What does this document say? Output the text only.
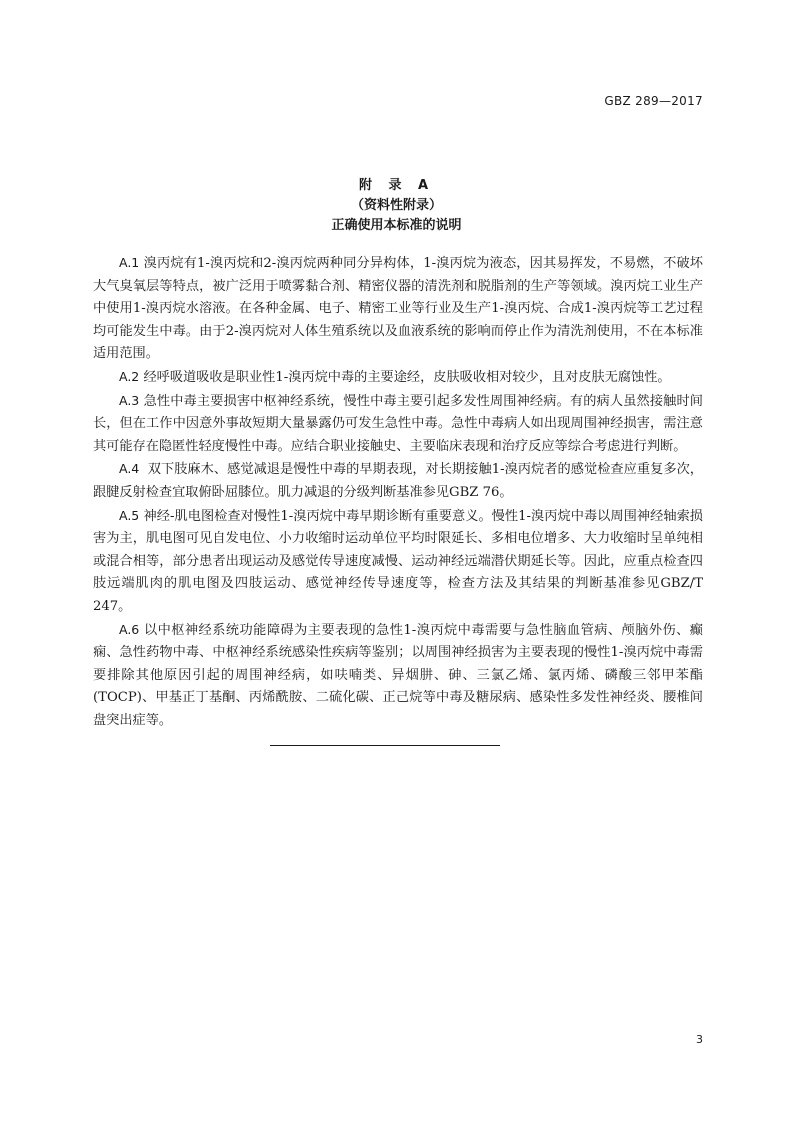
GBZ 289—2017
附 录 A
（资料性附录）
正确使用本标准的说明

A.1 溴丙烷有1-溴丙烷和2-溴丙烷两种同分异构体，1-溴丙烷为液态，因其易挥发，不易燃，不破坏大气臭氧层等特点，被广泛用于喷雾黏合剂、精密仪器的清洗剂和脱脂剂的生产等领域。溴丙烷工业生产中使用1-溴丙烷水溶液。在各种金属、电子、精密工业等行业及生产1-溴丙烷、合成1-溴丙烷等工艺过程均可能发生中毒。由于2-溴丙烷对人体生殖系统以及血液系统的影响而停止作为清洗剂使用，不在本标准适用范围。

A.2 经呼吸道吸收是职业性1-溴丙烷中毒的主要途经，皮肤吸收相对较少，且对皮肤无腐蚀性。

A.3 急性中毒主要损害中枢神经系统，慢性中毒主要引起多发性周围神经病。有的病人虽然接触时间长，但在工作中因意外事故短期大量暴露仍可发生急性中毒。急性中毒病人如出现周围神经损害，需注意其可能存在隐匿性轻度慢性中毒。应结合职业接触史、主要临床表现和治疗反应等综合考虑进行判断。

A.4 双下肢麻木、感觉减退是慢性中毒的早期表现，对长期接触1-溴丙烷者的感觉检查应重复多次，跟腱反射检查宜取俯卧屈膝位。肌力减退的分级判断基准参见GBZ 76。

A.5 神经-肌电图检查对慢性1-溴丙烷中毒早期诊断有重要意义。慢性1-溴丙烷中毒以周围神经轴索损害为主，肌电图可见自发电位、小力收缩时运动单位平均时限延长、多相电位增多、大力收缩时呈单纯相或混合相等，部分患者出现运动及感觉传导速度减慢、运动神经远端潜伏期延长等。因此，应重点检查四肢远端肌肉的肌电图及四肢运动、感觉神经传导速度等，检查方法及其结果的判断基准参见GBZ/T 247。

A.6 以中枢神经系统功能障碍为主要表现的急性1-溴丙烷中毒需要与急性脑血管病、颅脑外伤、癫痫、急性药物中毒、中枢神经系统感染性疾病等鉴别；以周围神经损害为主要表现的慢性1-溴丙烷中毒需要排除其他原因引起的周围神经病，如呋喃类、异烟肼、砷、三氯乙烯、氯丙烯、磷酸三邻甲苯酯(TOCP)、甲基正丁基酮、丙烯酰胺、二硫化碳、正己烷等中毒及糖尿病、感染性多发性神经炎、腰椎间盘突出症等。

3
